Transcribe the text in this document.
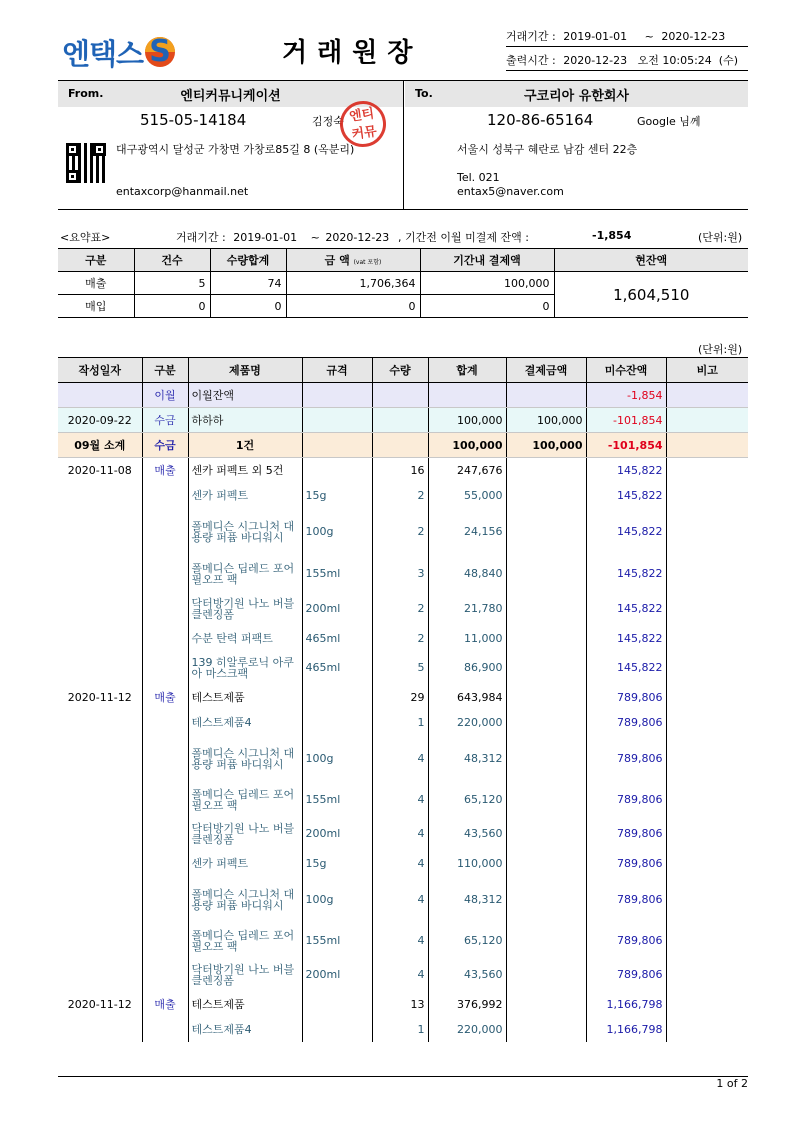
엔택스 S	거래원장
거래기간 : 2019-01-01 ~ 2020-12-23
출력시간 : 2020-12-23   오전 10:05:24  (수)
From.	엔티커뮤니케이션
515-05-14184	김정숙 엔티
커뮤
대구광역시 달성군 가창면 가창로85길 8 (옥분리)
entaxcorp@hanmail.net
To.	구코리아 유한회사
120-86-65164	Google 님께
서울시 성북구 혜란로 남감 센터 22층
Tel. 021
entax5@naver.com
<요약표>	거래기간 : 2019-01-01 ~ 2020-12-23 , 기간전 이월 미결제 잔액 :	-1,854	(단위:원)
구분	건수	수량합계	금 액 (vat 포함)	기간내 결제액	현잔액
매출	5	74	1,706,364	100,000	1,604,510
매입	0	0	0	0	
(단위:원)
작성일자	구분	제품명	규격	수량	합계	결제금액	미수잔액	비고
	이월	이월잔액					-1,854	
2020-09-22	수금	하하하			100,000	100,000	-101,854	
09월 소계	수금	1건			100,000	100,000	-101,854	
2020-11-08	매출	센카 퍼펙트 외 5건		16	247,676		145,822	
		센카 퍼펙트	15g	2	55,000		145,822	
		폴메디슨 시그니처 대용량 퍼퓸 바디워시	100g	2	24,156		145,822	
		폴메디슨 딥레드 포어 필오프 팩	155ml	3	48,840		145,822	
		닥터방기원 나노 버블 클렌징폼	200ml	2	21,780		145,822	
		수분 탄력 퍼팩트	465ml	2	11,000		145,822	
		139 히알루로닉 아쿠아 마스크팩	465ml	5	86,900		145,822	
2020-11-12	매출	테스트제품		29	643,984		789,806	
		테스트제품4		1	220,000		789,806	
		폴메디슨 시그니처 대용량 퍼퓸 바디워시	100g	4	48,312		789,806	
		폴메디슨 딥레드 포어 필오프 팩	155ml	4	65,120		789,806	
		닥터방기원 나노 버블 클렌징폼	200ml	4	43,560		789,806	
		센카 퍼펙트	15g	4	110,000		789,806	
		폴메디슨 시그니처 대용량 퍼퓸 바디워시	100g	4	48,312		789,806	
		폴메디슨 딥레드 포어 필오프 팩	155ml	4	65,120		789,806	
		닥터방기원 나노 버블 클렌징폼	200ml	4	43,560		789,806	
2020-11-12	매출	테스트제품		13	376,992		1,166,798	
		테스트제품4		1	220,000		1,166,798	
1 of 2
